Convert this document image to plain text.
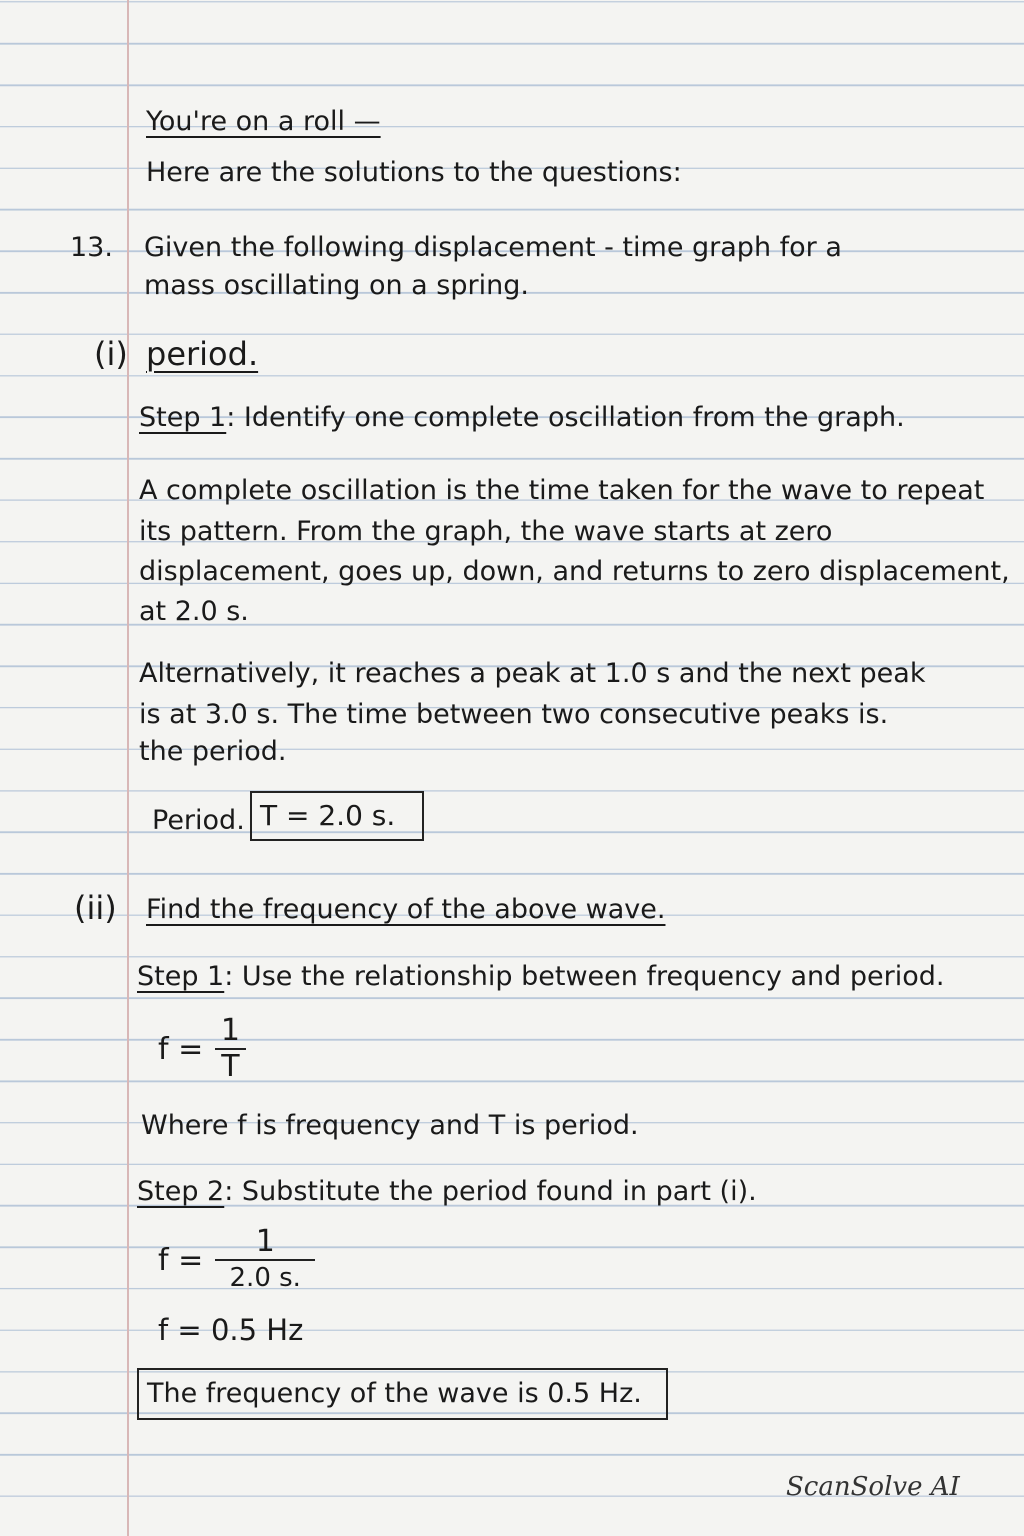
You're on a roll —
Here are the solutions to the questions:
13. Given the following displacement - time graph for a
mass oscillating on a spring.
(i) period.
Step 1: Identify one complete oscillation from the graph.
A complete oscillation is the time taken for the wave to repeat
its pattern. From the graph, the wave starts at zero
displacement, goes up, down, and returns to zero displacement,
at 2.0 s.
Alternatively, it reaches a peak at 1.0 s and the next peak
is at 3.0 s. The time between two consecutive peaks is.
the period.
Period. T = 2.0 s.
(ii) Find the frequency of the above wave.
Step 1: Use the relationship between frequency and period.
$f = \frac{1}{T}$
Where f is frequency and T is period.
Step 2: Substitute the period found in part (i).
$f = \frac{1}{2.0 s.}$
f = 0.5 Hz
The frequency of the wave is 0.5 Hz.
ScanSolve AI
